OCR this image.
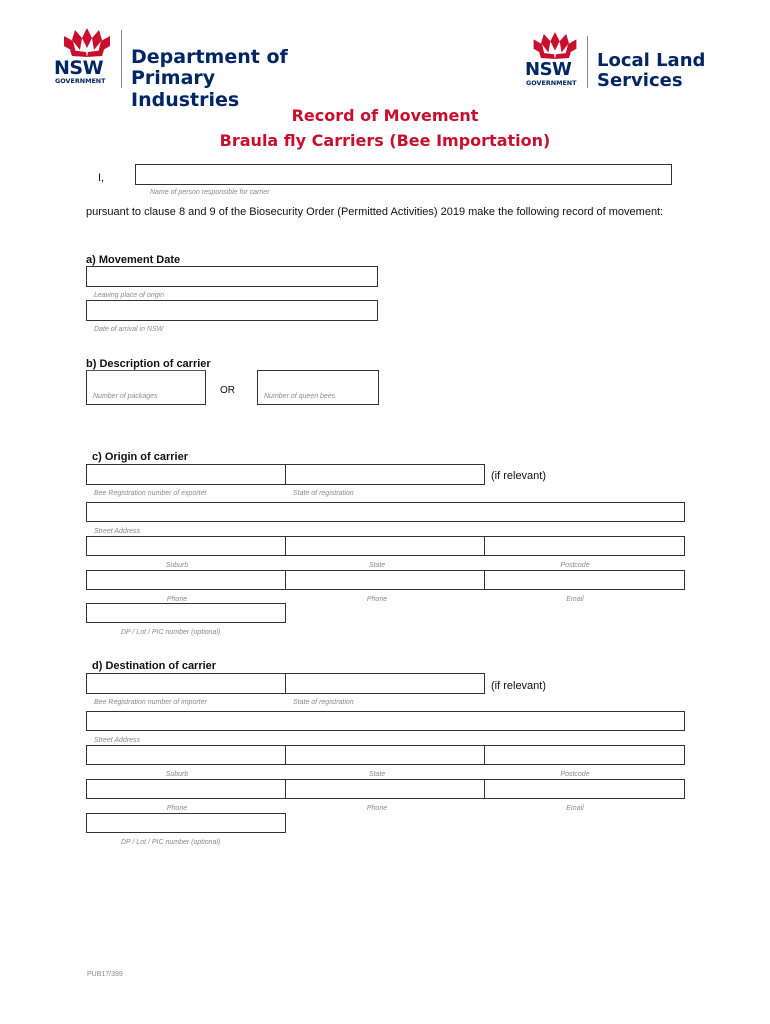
NSW
GOVERNMENT
Department of
Primary Industries
NSW
GOVERNMENT
Local Land
Services
Record of Movement
Braula fly Carriers (Bee Importation)
I,
Name of person responsible for carrier
pursuant to clause 8 and 9 of the Biosecurity Order (Permitted Activities) 2019 make the following record of movement:
a) Movement Date
Leaving place of origin
Date of arrival in NSW
b) Description of carrier
Number of packages
OR
Number of queen bees
c) Origin of carrier
(if relevant)
Bee Registration number of exporter	State of registration
Street Address
Suburb	State	Postcode
Phone	Phone	Email
DP / Lot / PIC number (optional)
d) Destination of carrier
(if relevant)
Bee Registration number of importer	State of registration
Street Address
Suburb	State	Postcode
Phone	Phone	Email
DP / Lot / PIC number (optional)
PUB17/399
